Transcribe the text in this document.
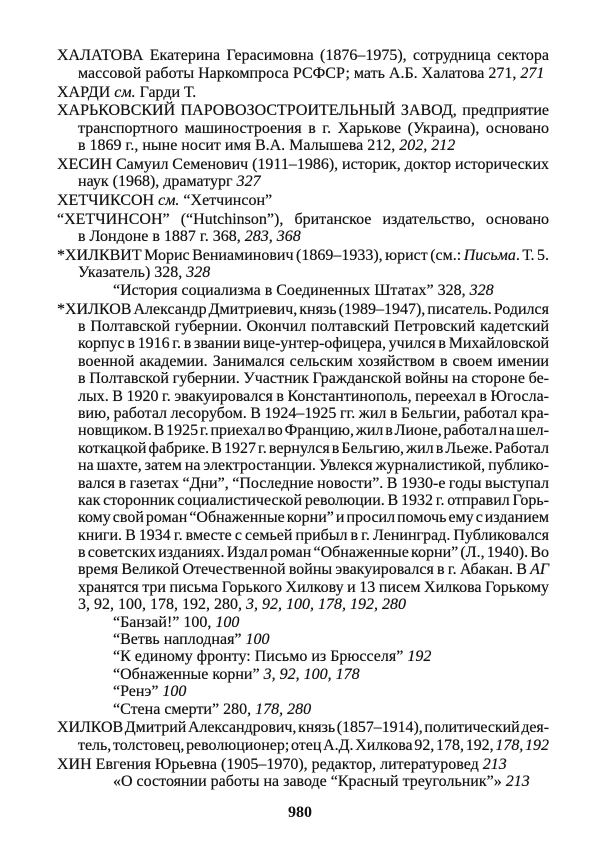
ХАЛАТОВА Екатерина Герасимовна (1876–1975), сотрудница сектора
массовой работы Наркомпроса РСФСР; мать А.Б. Халатова 271, 271
ХАРДИ см. Гарди Т.
ХАРЬКОВСКИЙ ПАРОВОЗОСТРОИТЕЛЬНЫЙ ЗАВОД, предприятие
транспортного машиностроения в г. Харькове (Украина), основано
в 1869 г., ныне носит имя В.А. Малышева 212, 202, 212
ХЕСИН Самуил Семенович (1911–1986), историк, доктор исторических
наук (1968), драматург 327
ХЕТЧИКСОН см. “Хетчинсон”
“ХЕТЧИНСОН” (“Hutchinson”), британское издательство, основано
в Лондоне в 1887 г. 368, 283, 368
*ХИЛКВИТ Морис Вениаминович (1869–1933), юрист (см.: Письма. Т. 5.
Указатель) 328, 328
“История социализма в Соединенных Штатах” 328, 328
*ХИЛКОВ Александр Дмитриевич, князь (1989–1947), писатель. Родился
в Полтавской губернии. Окончил полтавский Петровский кадетский
корпус в 1916 г. в звании вице-унтер-офицера, учился в Михайловской
военной академии. Занимался сельским хозяйством в своем имении
в Полтавской губернии. Участник Гражданской войны на стороне бе-
лых. В 1920 г. эвакуировался в Константинополь, переехал в Югосла-
вию, работал лесорубом. В 1924–1925 гг. жил в Бельгии, работал кра-
новщиком. В 1925 г. приехал во Францию, жил в Лионе, работал на шел-
коткацкой фабрике. В 1927 г. вернулся в Бельгию, жил в Льеже. Работал
на шахте, затем на электростанции. Увлекся журналистикой, публико-
вался в газетах “Дни”, “Последние новости”. В 1930-е годы выступал
как сторонник социалистической революции. В 1932 г. отправил Горь-
кому свой роман “Обнаженные корни” и просил помочь ему с изданием
книги. В 1934 г. вместе с семьей прибыл в г. Ленинград. Публиковался
в советских изданиях. Издал роман “Обнаженные корни” (Л., 1940). Во
время Великой Отечественной войны эвакуировался в г. Абакан. В АГ
хранятся три письма Горького Хилкову и 13 писем Хилкова Горькому
3, 92, 100, 178, 192, 280, 3, 92, 100, 178, 192, 280
“Банзай!” 100, 100
“Ветвь наплодная” 100
“К единому фронту: Письмо из Брюсселя” 192
“Обнаженные корни” 3, 92, 100, 178
“Ренэ” 100
“Стена смерти” 280, 178, 280
ХИЛКОВ Дмитрий Александрович, князь (1857–1914), политический дея-
тель, толстовец, революционер; отец А.Д. Хилкова 92, 178, 192, 178, 192
ХИН Евгения Юрьевна (1905–1970), редактор, литературовед 213
«О состоянии работы на заводе “Красный треугольник”» 213
980
